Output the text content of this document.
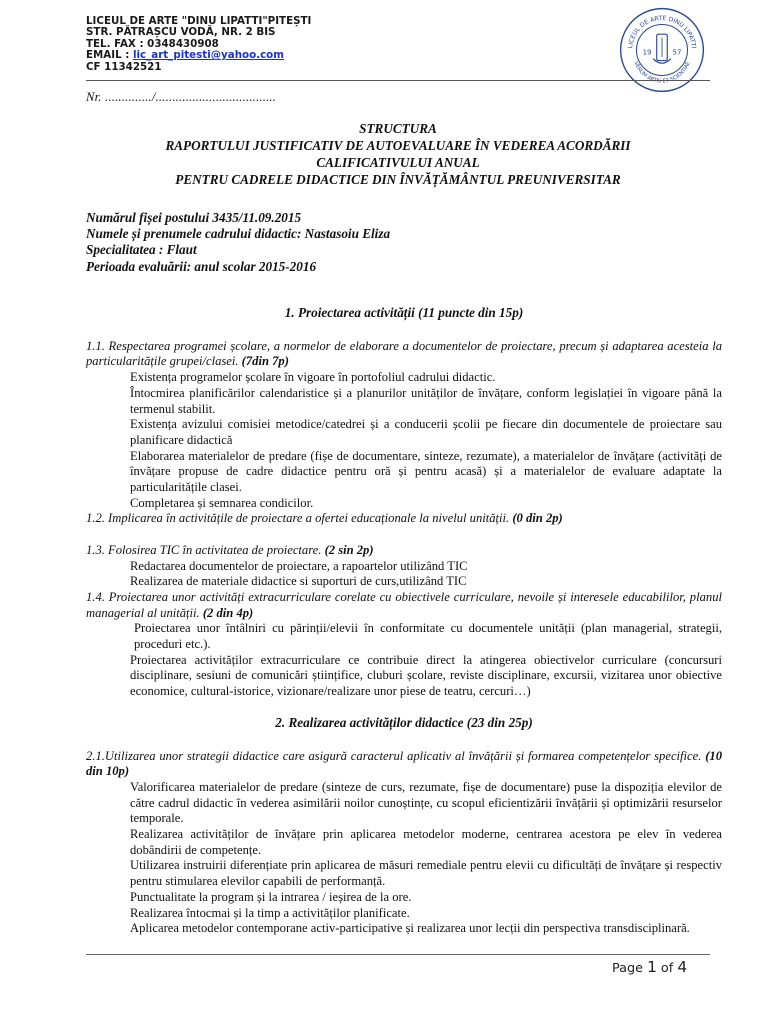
LICEUL DE ARTE "DINU LIPATTI"PITEȘTI
STR. PĂTRAȘCU VODĂ, NR. 2 BIS
TEL. FAX : 0348430908
EMAIL : lic_art_pitesti@yahoo.com
CF 11342521
LICEUL DE ARTE DINU LIPATTI
VERUM ARTIS ET SCIENTIAE
19	57
Nr. ............../....................................
STRUCTURA
RAPORTULUI JUSTIFICATIV DE AUTOEVALUARE ÎN VEDEREA ACORDĂRII
CALIFICATIVULUI ANUAL
PENTRU CADRELE DIDACTICE DIN ÎNVĂȚĂMÂNTUL PREUNIVERSITAR
Numărul fișei postului 3435/11.09.2015
Numele și prenumele cadrului didactic: Nastasoiu Eliza
Specialitatea : Flaut
Perioada evaluării: anul scolar 2015-2016
1. Proiectarea activității (11 puncte din 15p)
1.1. Respectarea programei școlare, a normelor de elaborare a documentelor de proiectare, precum și adaptarea acesteia la particularitățile grupei/clasei. (7din 7p)
Existența programelor școlare în vigoare în portofoliul cadrului didactic.
Întocmirea planificărilor calendaristice și a planurilor unităților de învățare, conform legislației în vigoare până la termenul stabilit.
Existența avizului comisiei metodice/catedrei și a conducerii școlii pe fiecare din documentele de proiectare sau planificare didactică
Elaborarea materialelor de predare (fișe de documentare, sinteze, rezumate), a materialelor de învățare (activități de învățare propuse de cadre didactice pentru oră și pentru acasă) și a materialelor de evaluare adaptate la particularitățile clasei.
Completarea și semnarea condicilor.
1.2. Implicarea în activitățile de proiectare a ofertei educaționale la nivelul unității. (0 din 2p)
1.3. Folosirea TIC în activitatea de proiectare. (2 sin 2p)
Redactarea documentelor de proiectare, a rapoartelor utilizând TIC
Realizarea de materiale didactice si suporturi de curs,utilizând TIC
1.4. Proiectarea unor activități extracurriculare corelate cu obiectivele curriculare, nevoile și interesele educabililor, planul managerial al unității. (2 din 4p)
Proiectarea unor întâlniri cu părinții/elevii în conformitate cu documentele unității (plan managerial, strategii, proceduri etc.).
Proiectarea activităților extracurriculare ce contribuie direct la atingerea obiectivelor curriculare (concursuri disciplinare, sesiuni de comunicări științifice, cluburi școlare, reviste disciplinare, excursii, vizitarea unor obiective economice, cultural-istorice, vizionare/realizare unor piese de teatru, cercuri…)
2. Realizarea activităților didactice (23 din 25p)
2.1.Utilizarea unor strategii didactice care asigură caracterul aplicativ al învățării și formarea competențelor specifice. (10 din 10p)
Valorificarea materialelor de predare (sinteze de curs, rezumate, fișe de documentare) puse la dispoziția elevilor de către cadrul didactic în vederea asimilării noilor cunoștințe, cu scopul eficientizării învățării și optimizării resurselor temporale.
Realizarea activităților de învățare prin aplicarea metodelor moderne, centrarea acestora pe elev în vederea dobândirii de competențe.
Utilizarea instruirii diferențiate prin aplicarea de măsuri remediale pentru elevii cu dificultăți de învățare și respectiv pentru stimularea elevilor capabili de performanță.
Punctualitate la program și la intrarea / ieșirea de la ore.
Realizarea întocmai și la timp a activităților planificate.
Aplicarea metodelor contemporane activ-participative și realizarea unor lecții din perspectiva transdisciplinară.
Page 1 of 4
